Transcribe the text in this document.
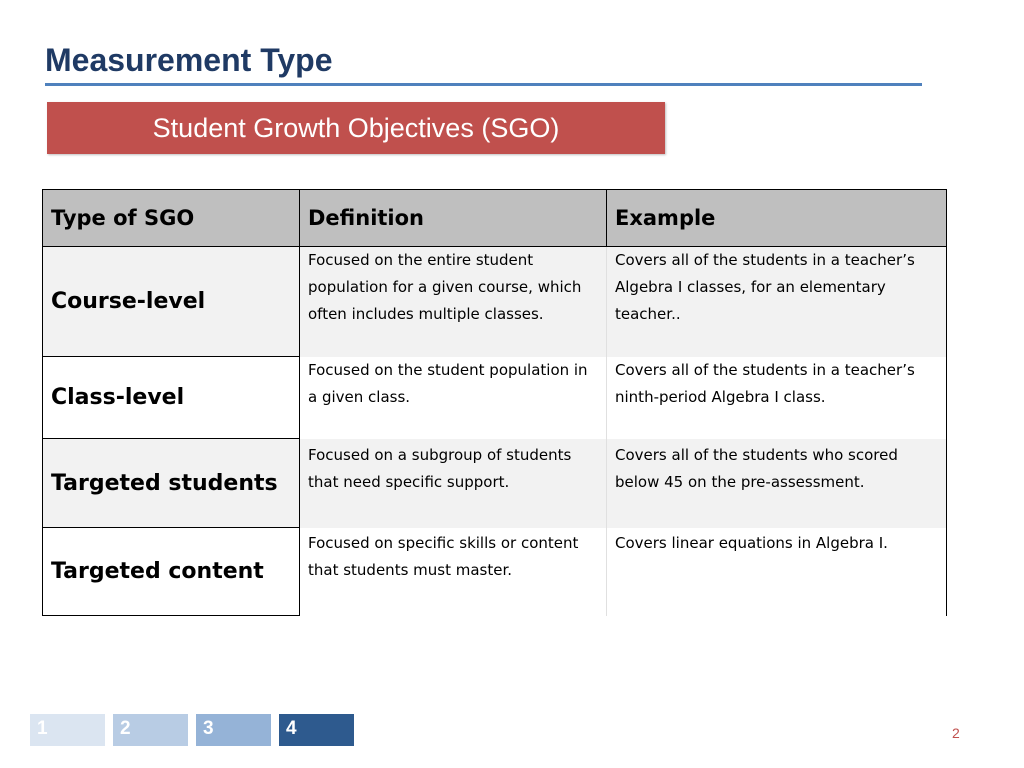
Measurement Type
Student Growth Objectives (SGO)
Type of SGO	Definition	Example
Course-level	Focused on the entire student population for a given course, which often includes multiple classes.	Covers all of the students in a teacher’s Algebra I classes, for an elementary teacher..
Class-level	Focused on the student population in a given class.	Covers all of the students in a teacher’s ninth-period Algebra I class.
Targeted students	Focused on a subgroup of students that need specific support.	Covers all of the students who scored below 45 on the pre-assessment.
Targeted content	Focused on specific skills or content that students must master.	Covers linear equations in Algebra I.
1	2	3	4	2
